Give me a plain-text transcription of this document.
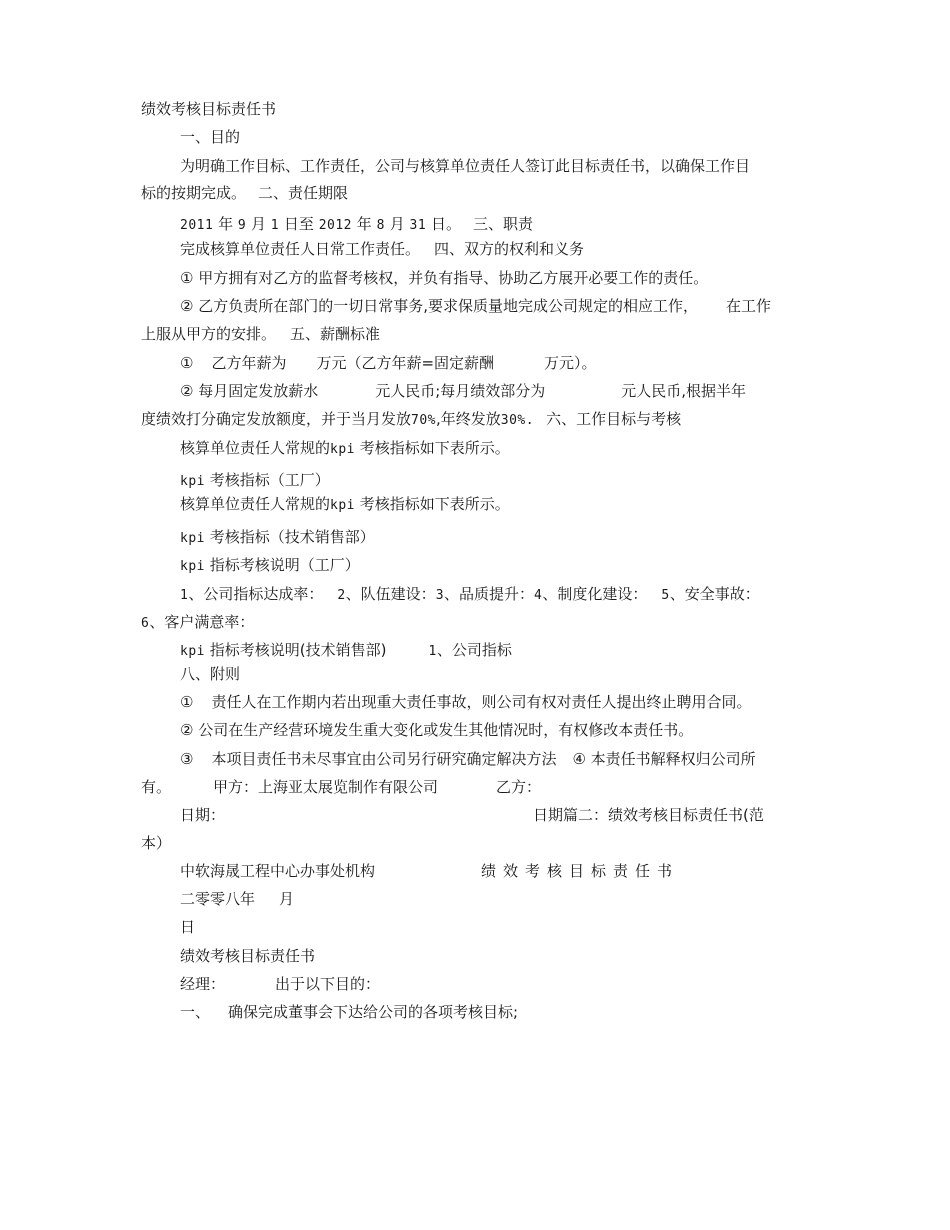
绩效考核目标责任书

一、目的

为明确工作目标、工作责任，公司与核算单位责任人签订此目标责任书，以确保工作目

标的按期完成。 二、责任期限

2011 年 9 月 1 日至 2012 年 8 月 31 日。 三、职责

完成核算单位责任人日常工作责任。 四、双方的权利和义务

① 甲方拥有对乙方的监督考核权，并负有指导、协助乙方展开必要工作的责任。

② 乙方负责所在部门的一切日常事务,要求保质量地完成公司规定的相应工作， 在工作

上服从甲方的安排。 五、薪酬标准

① 乙方年薪为 万元（乙方年薪=固定薪酬	万元）。

② 每月固定发放薪水	元人民币;每月绩效部分为	元人民币,根据半年

度绩效打分确定发放额度，并于当月发放70%,年终发放30%. 六、工作目标与考核

核算单位责任人常规的kpi 考核指标如下表所示。

kpi 考核指标（工厂）

核算单位责任人常规的kpi 考核指标如下表所示。

kpi 考核指标（技术销售部）

kpi 指标考核说明（工厂）

1、公司指标达成率： 2、队伍建设：3、品质提升：4、制度化建设： 5、安全事故：

6、客户满意率：

kpi 指标考核说明(技术销售部)	1、公司指标

八、附则

① 责任人在工作期内若出现重大责任事故，则公司有权对责任人提出终止聘用合同。

② 公司在生产经营环境发生重大变化或发生其他情况时，有权修改本责任书。

③ 本项目责任书未尽事宜由公司另行研究确定解决方法 ④ 本责任书解释权归公司所

有。	甲方：上海亚太展览制作有限公司	乙方：

日期：	日期篇二：绩效考核目标责任书(范

本）

中软海晟工程中心办事处机构	绩效考核目标责任书

二零零八年 月

日

绩效考核目标责任书

经理：	出于以下目的：

一、 确保完成董事会下达给公司的各项考核目标;
